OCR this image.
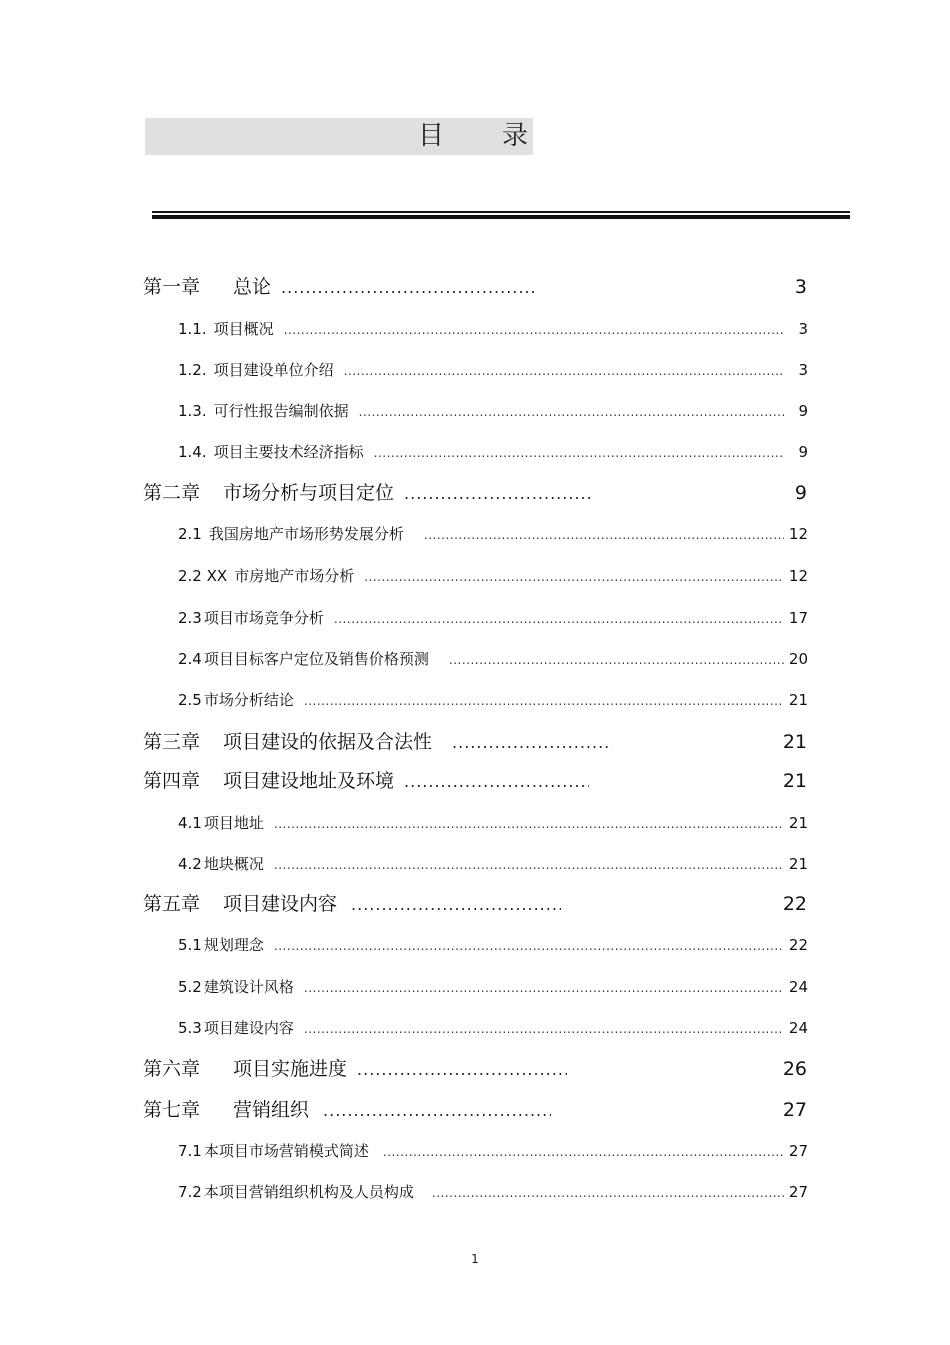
目录
第一章	总论 .....	3
1.1. 项目概况 .....	3
1.2. 项目建设单位介绍 .....	3
1.3. 可行性报告编制依据 .....	9
1.4. 项目主要技术经济指标 .....	9
第二章	市场分析与项目定位 .....	9
2.1 我国房地产市场形势发展分析 .....	12
2.2 XX 市房地产市场分析 .....	12
2.3 项目市场竞争分析 .....	17
2.4 项目目标客户定位及销售价格预测 .....	20
2.5 市场分析结论 .....	21
第三章	项目建设的依据及合法性 .....	21
第四章	项目建设地址及环境 .....	21
4.1 项目地址 .....	21
4.2 地块概况 .....	21
第五章	项目建设内容 .....	22
5.1 规划理念 .....	22
5.2 建筑设计风格 .....	24
5.3 项目建设内容 .....	24
第六章	项目实施进度 .....	26
第七章	营销组织 .....	27
7.1 本项目市场营销模式简述 .....	27
7.2 本项目营销组织机构及人员构成 .....	27
1
